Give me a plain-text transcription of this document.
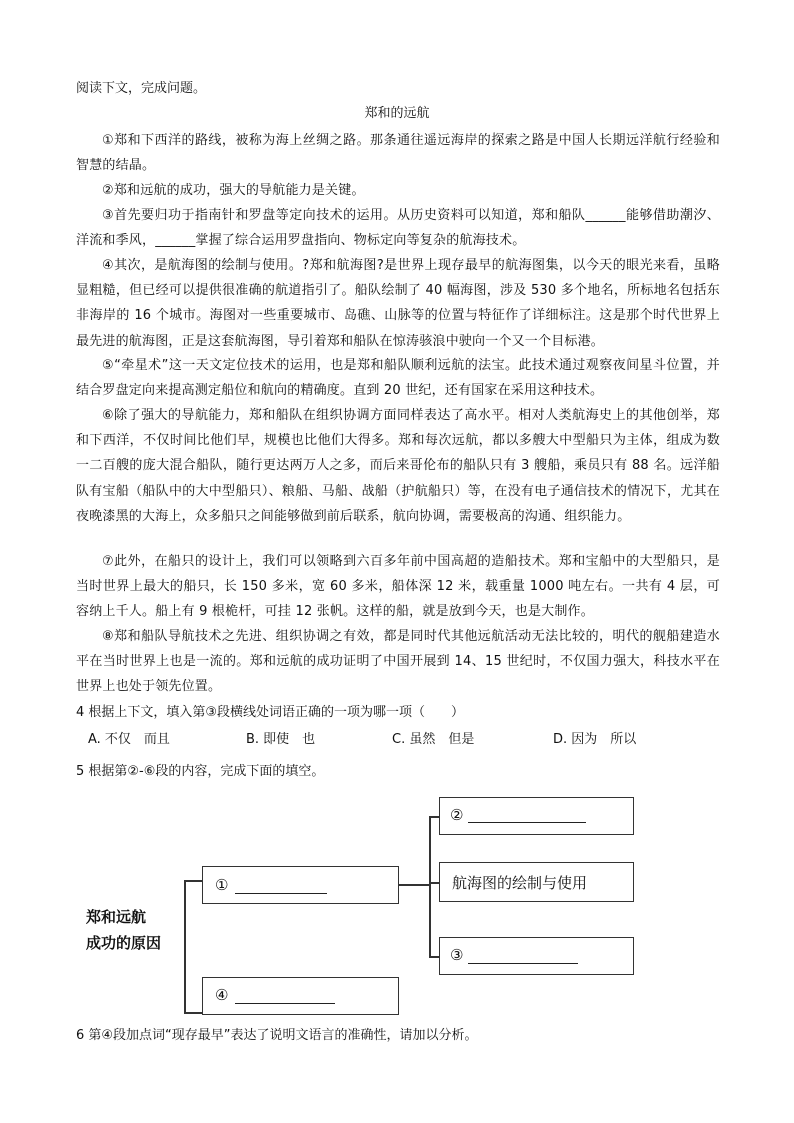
阅读下文，完成问题。
郑和的远航
①郑和下西洋的路线，被称为海上丝绸之路。那条通往遥远海岸的探索之路是中国人长期远洋航行经验和智慧的结晶。
②郑和远航的成功，强大的导航能力是关键。
③首先要归功于指南针和罗盘等定向技术的运用。从历史资料可以知道，郑和船队______能够借助潮汐、洋流和季风，______掌握了综合运用罗盘指向、物标定向等复杂的航海技术。
④其次，是航海图的绘制与使用。?郑和航海图?是世界上现存最早的航海图集，以今天的眼光来看，虽略显粗糙，但已经可以提供很准确的航道指引了。船队绘制了 40 幅海图，涉及 530 多个地名，所标地名包括东非海岸的 16 个城市。海图对一些重要城市、岛礁、山脉等的位置与特征作了详细标注。这是那个时代世界上最先进的航海图，正是这套航海图，导引着郑和船队在惊涛骇浪中驶向一个又一个目标港。
⑤“牵星术”这一天文定位技术的运用，也是郑和船队顺利远航的法宝。此技术通过观察夜间星斗位置，并结合罗盘定向来提高测定船位和航向的精确度。直到 20 世纪，还有国家在采用这种技术。
⑥除了强大的导航能力，郑和船队在组织协调方面同样表达了高水平。相对人类航海史上的其他创举，郑和下西洋，不仅时间比他们早，规模也比他们大得多。郑和每次远航，都以多艘大中型船只为主体，组成为数一二百艘的庞大混合船队，随行更达两万人之多，而后来哥伦布的船队只有 3 艘船，乘员只有 88 名。远洋船队有宝船（船队中的大中型船只）、粮船、马船、战船（护航船只）等，在没有电子通信技术的情况下，尤其在夜晚漆黑的大海上，众多船只之间能够做到前后联系，航向协调，需要极高的沟通、组织能力。
⑦此外，在船只的设计上，我们可以领略到六百多年前中国高超的造船技术。郑和宝船中的大型船只，是当时世界上最大的船只，长 150 多米，宽 60 多米，船体深 12 米，载重量 1000 吨左右。一共有 4 层，可容纳上千人。船上有 9 根桅杆，可挂 12 张帆。这样的船，就是放到今天，也是大制作。
⑧郑和船队导航技术之先进、组织协调之有效，都是同时代其他远航活动无法比较的，明代的舰船建造水平在当时世界上也是一流的。郑和远航的成功证明了中国开展到 14、15 世纪时，不仅国力强大，科技水平在世界上也处于领先位置。
4 根据上下文，填入第③段横线处词语正确的一项为哪一项（　　）
A. 不仅　而且	B. 即使　也	C. 虽然　但是	D. 因为　所以
5 根据第②-⑥段的内容，完成下面的填空。
郑和远航
成功的原因
①
②
航海图的绘制与使用
③
④
6 第④段加点词“现存最早”表达了说明文语言的准确性，请加以分析。
